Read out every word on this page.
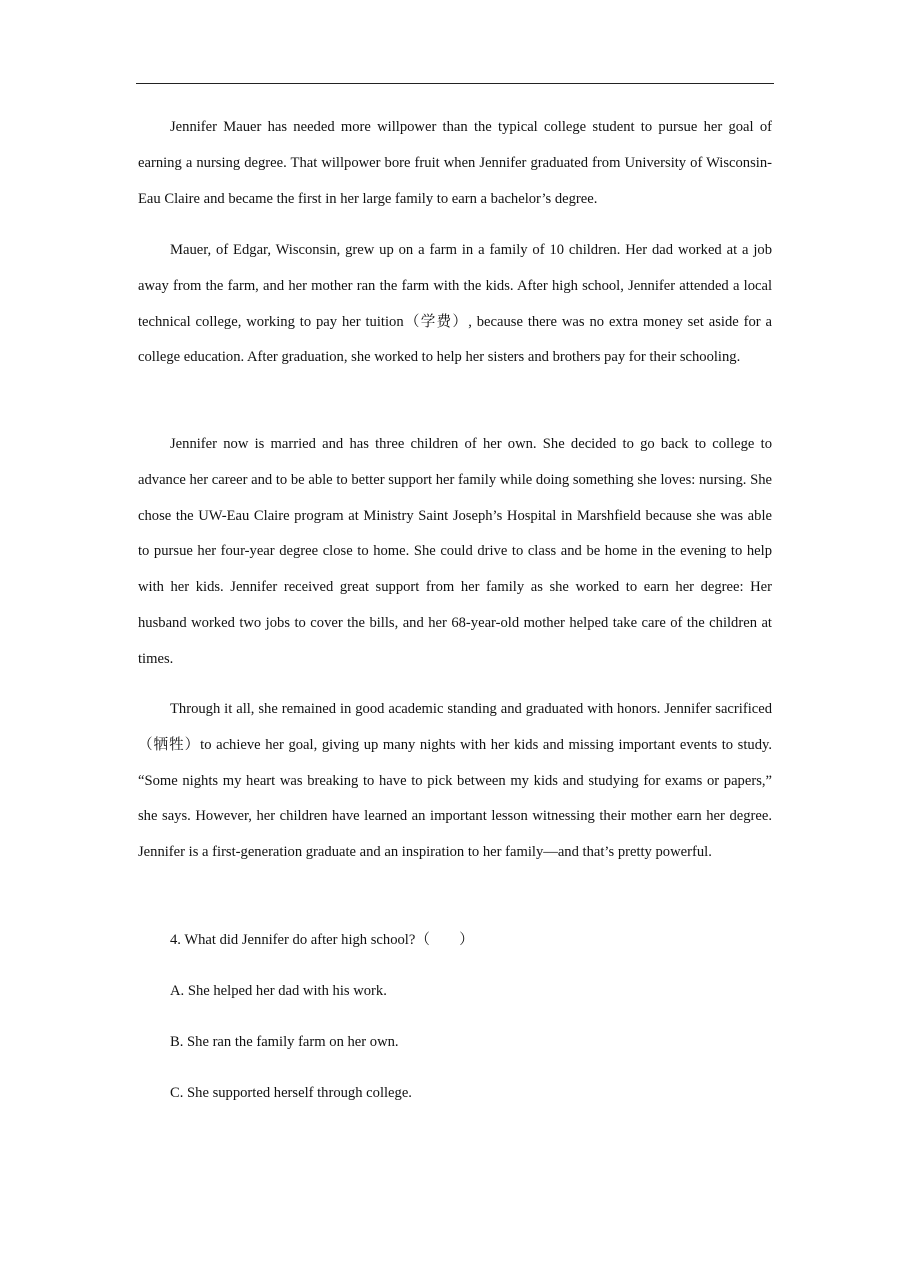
Jennifer Mauer has needed more willpower than the typical college student to pursue her goal of earning a nursing degree. That willpower bore fruit when Jennifer graduated from University of Wisconsin-Eau Claire and became the first in her large family to earn a bachelor’s degree.

Mauer, of Edgar, Wisconsin, grew up on a farm in a family of 10 children. Her dad worked at a job away from the farm, and her mother ran the farm with the kids. After high school, Jennifer attended a local technical college, working to pay her tuition（学费）, because there was no extra money set aside for a college education. After graduation, she worked to help her sisters and brothers pay for their schooling.

Jennifer now is married and has three children of her own. She decided to go back to college to advance her career and to be able to better support her family while doing something she loves: nursing. She chose the UW-Eau Claire program at Ministry Saint Joseph’s Hospital in Marshfield because she was able to pursue her four-year degree close to home. She could drive to class and be home in the evening to help with her kids. Jennifer received great support from her family as she worked to earn her degree: Her husband worked two jobs to cover the bills, and her 68-year-old mother helped take care of the children at times.

Through it all, she remained in good academic standing and graduated with honors. Jennifer sacrificed（牺牲）to achieve her goal, giving up many nights with her kids and missing important events to study. “Some nights my heart was breaking to have to pick between my kids and studying for exams or papers,” she says. However, her children have learned an important lesson witnessing their mother earn her degree. Jennifer is a first-generation graduate and an inspiration to her family—and that’s pretty powerful.

4. What did Jennifer do after high school?（　　）

A. She helped her dad with his work.

B. She ran the family farm on her own.

C. She supported herself through college.
